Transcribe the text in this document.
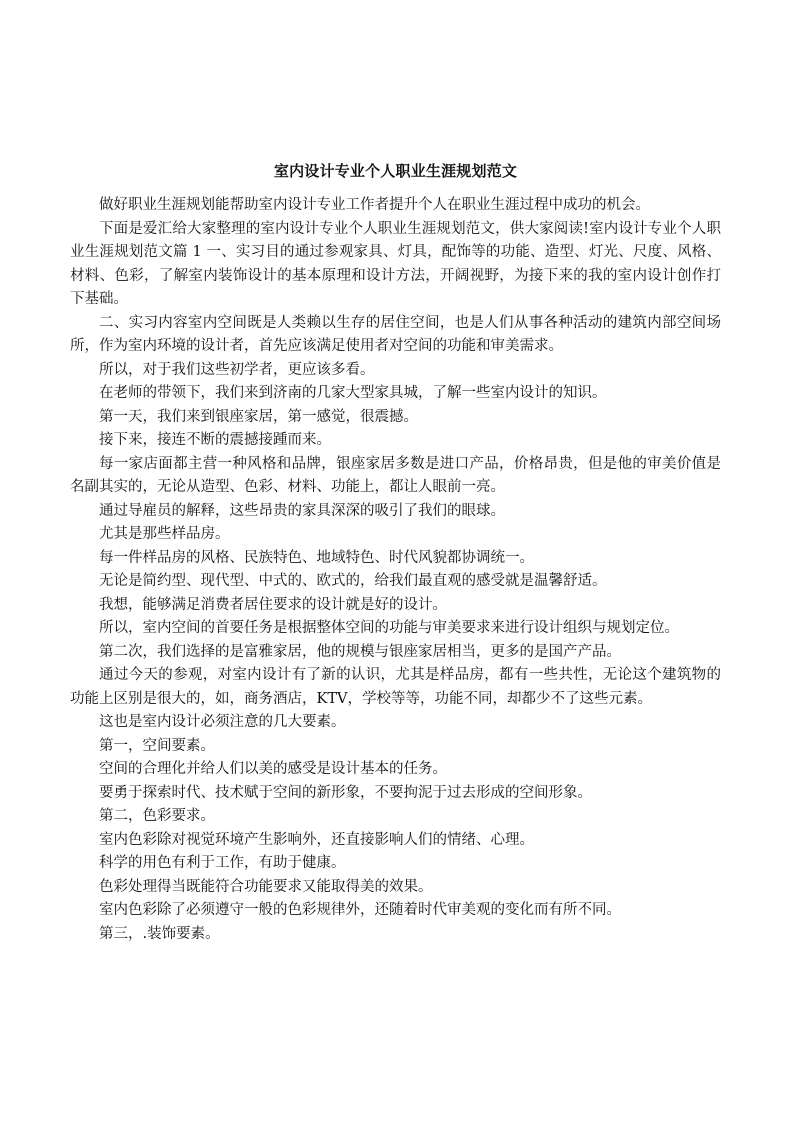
室内设计专业个人职业生涯规划范文

做好职业生涯规划能帮助室内设计专业工作者提升个人在职业生涯过程中成功的机会。

下面是爱汇给大家整理的室内设计专业个人职业生涯规划范文，供大家阅读!室内设计专业个人职业生涯规划范文篇 1 一、实习目的通过参观家具、灯具，配饰等的功能、造型、灯光、尺度、风格、材料、色彩，了解室内装饰设计的基本原理和设计方法，开阔视野，为接下来的我的室内设计创作打下基础。

二、实习内容室内空间既是人类赖以生存的居住空间，也是人们从事各种活动的建筑内部空间场所，作为室内环境的设计者，首先应该满足使用者对空间的功能和审美需求。

所以，对于我们这些初学者，更应该多看。

在老师的带领下，我们来到济南的几家大型家具城，了解一些室内设计的知识。

第一天，我们来到银座家居，第一感觉，很震撼。

接下来，接连不断的震撼接踵而来。

每一家店面都主营一种风格和品牌，银座家居多数是进口产品，价格昂贵，但是他的审美价值是名副其实的，无论从造型、色彩、材料、功能上，都让人眼前一亮。

通过导雇员的解释，这些昂贵的家具深深的吸引了我们的眼球。

尤其是那些样品房。

每一件样品房的风格、民族特色、地域特色、时代风貌都协调统一。

无论是简约型、现代型、中式的、欧式的，给我们最直观的感受就是温馨舒适。

我想，能够满足消费者居住要求的设计就是好的设计。

所以，室内空间的首要任务是根据整体空间的功能与审美要求来进行设计组织与规划定位。

第二次，我们选择的是富雅家居，他的规模与银座家居相当，更多的是国产产品。

通过今天的参观，对室内设计有了新的认识，尤其是样品房，都有一些共性，无论这个建筑物的功能上区别是很大的，如，商务酒店，KTV，学校等等，功能不同，却都少不了这些元素。

这也是室内设计必须注意的几大要素。

第一，空间要素。

空间的合理化并给人们以美的感受是设计基本的任务。

要勇于探索时代、技术赋于空间的新形象，不要拘泥于过去形成的空间形象。

第二，色彩要求。

室内色彩除对视觉环境产生影响外，还直接影响人们的情绪、心理。

科学的用色有利于工作，有助于健康。

色彩处理得当既能符合功能要求又能取得美的效果。

室内色彩除了必须遵守一般的色彩规律外，还随着时代审美观的变化而有所不同。

第三，.装饰要素。
